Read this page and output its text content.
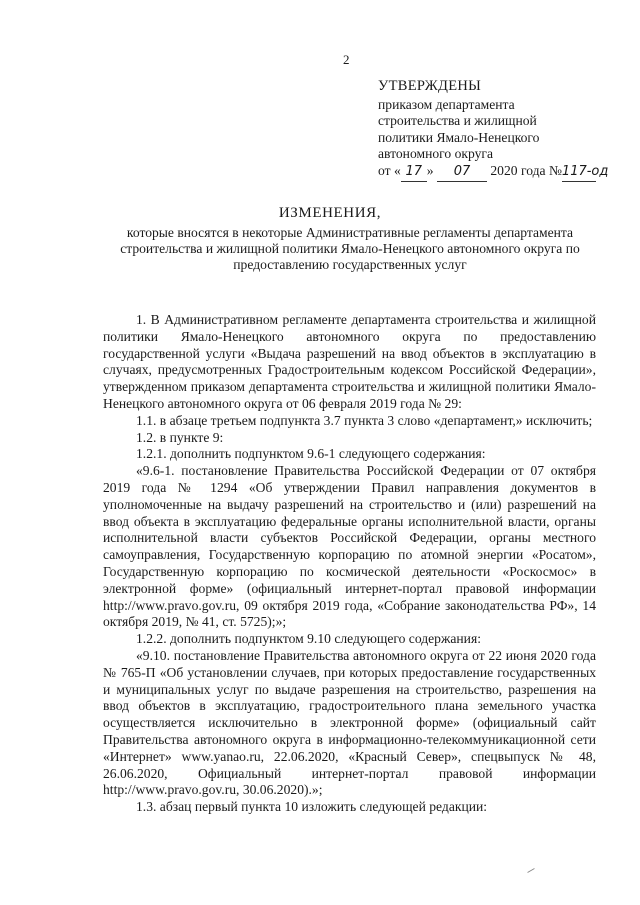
2
УТВЕРЖДЕНЫ
приказом департамента
строительства и жилищной
политики Ямало-Ненецкого
автономного округа
от « 17 » 07 2020 года №117-од
ИЗМЕНЕНИЯ,
которые вносятся в некоторые Административные регламенты департамента строительства и жилищной политики Ямало-Ненецкого автономного округа по предоставлению государственных услуг

1. В Административном регламенте департамента строительства и жилищной политики Ямало-Ненецкого автономного округа по предоставлению государственной услуги «Выдача разрешений на ввод объектов в эксплуатацию в случаях, предусмотренных Градостроительным кодексом Российской Федерации», утвержденном приказом департамента строительства и жилищной политики Ямало-Ненецкого автономного округа от 06 февраля 2019 года № 29:

1.1. в абзаце третьем подпункта 3.7 пункта 3 слово «департамент,» исключить;

1.2. в пункте 9:

1.2.1. дополнить подпунктом 9.6-1 следующего содержания:

«9.6-1. постановление Правительства Российской Федерации от 07 октября 2019 года № 1294 «Об утверждении Правил направления документов в уполномоченные на выдачу разрешений на строительство и (или) разрешений на ввод объекта в эксплуатацию федеральные органы исполнительной власти, органы исполнительной власти субъектов Российской Федерации, органы местного самоуправления, Государственную корпорацию по атомной энергии «Росатом», Государственную корпорацию по космической деятельности «Роскосмос» в электронной форме» (официальный интернет-портал правовой информации http://www.pravo.gov.ru, 09 октября 2019 года, «Собрание законодательства РФ», 14 октября 2019, № 41, ст. 5725);»;

1.2.2. дополнить подпунктом 9.10 следующего содержания:

«9.10. постановление Правительства автономного округа от 22 июня 2020 года № 765-П «Об установлении случаев, при которых предоставление государственных и муниципальных услуг по выдаче разрешения на строительство, разрешения на ввод объектов в эксплуатацию, градостроительного плана земельного участка осуществляется исключительно в электронной форме» (официальный сайт Правительства автономного округа в информационно-телекоммуникационной сети «Интернет» www.yanao.ru, 22.06.2020, «Красный Север», спецвыпуск № 48, 26.06.2020, Официальный интернет-портал правовой информации http://www.pravo.gov.ru, 30.06.2020).»;

1.3. абзац первый пункта 10 изложить следующей редакции:
